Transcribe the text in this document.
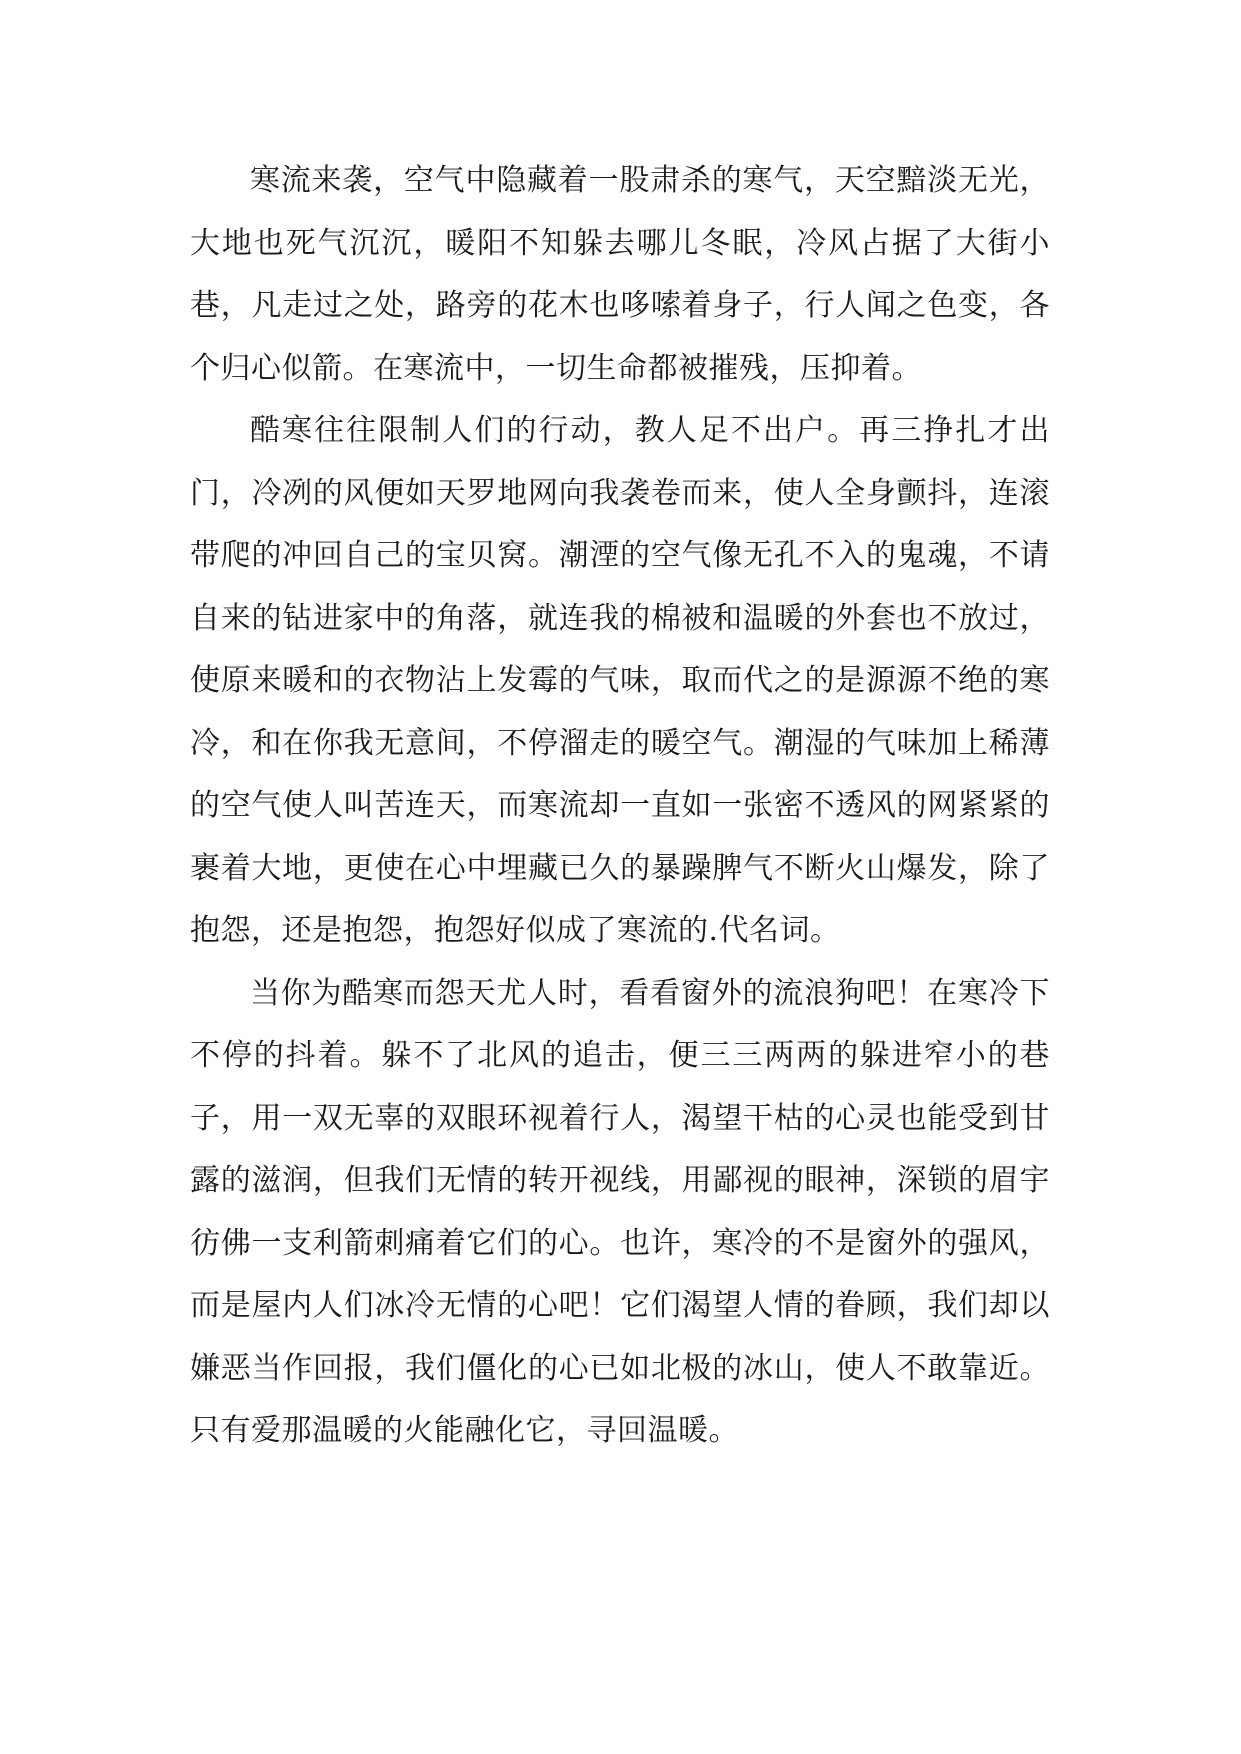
寒流来袭，空气中隐藏着一股肃杀的寒气，天空黯淡无光，大地也死气沉沉，暖阳不知躲去哪儿冬眠，冷风占据了大街小巷，凡走过之处，路旁的花木也哆嗦着身子，行人闻之色变，各个归心似箭。在寒流中，一切生命都被摧残，压抑着。

酷寒往往限制人们的行动，教人足不出户。再三挣扎才出门，冷冽的风便如天罗地网向我袭卷而来，使人全身颤抖，连滚带爬的冲回自己的宝贝窝。潮湮的空气像无孔不入的鬼魂，不请自来的钻进家中的角落，就连我的棉被和温暖的外套也不放过，使原来暖和的衣物沾上发霉的气味，取而代之的是源源不绝的寒冷，和在你我无意间，不停溜走的暖空气。潮湿的气味加上稀薄的空气使人叫苦连天，而寒流却一直如一张密不透风的网紧紧的裹着大地，更使在心中埋藏已久的暴躁脾气不断火山爆发，除了抱怨，还是抱怨，抱怨好似成了寒流的.代名词。

当你为酷寒而怨天尤人时，看看窗外的流浪狗吧！在寒冷下不停的抖着。躲不了北风的追击，便三三两两的躲进窄小的巷子，用一双无辜的双眼环视着行人，渴望干枯的心灵也能受到甘露的滋润，但我们无情的转开视线，用鄙视的眼神，深锁的眉宇彷佛一支利箭刺痛着它们的心。也许，寒冷的不是窗外的强风，而是屋内人们冰冷无情的心吧！它们渴望人情的眷顾，我们却以嫌恶当作回报，我们僵化的心已如北极的冰山，使人不敢靠近。只有爱那温暖的火能融化它，寻回温暖。
